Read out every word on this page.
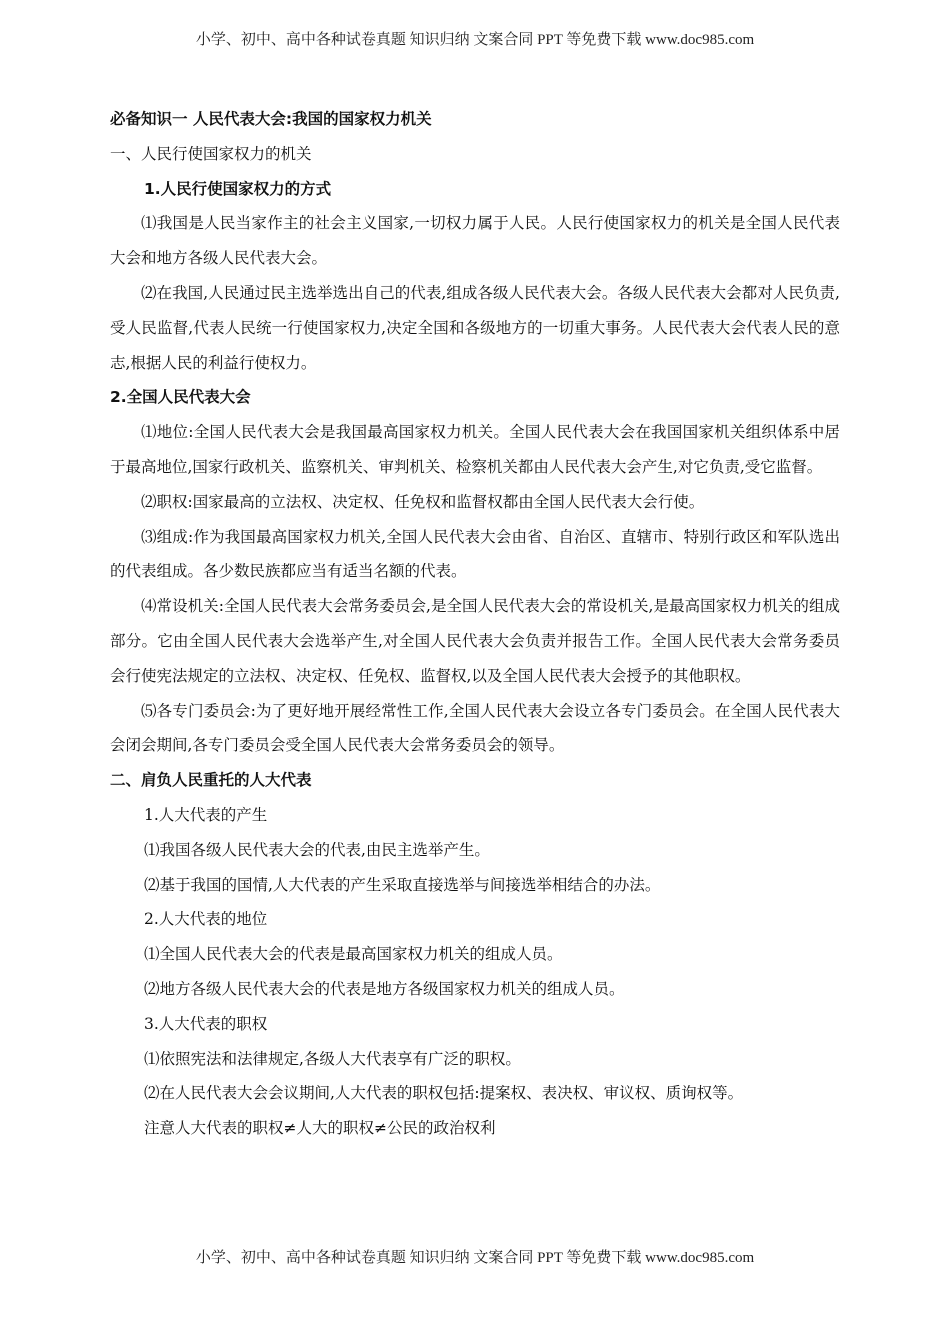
小学、初中、高中各种试卷真题 知识归纳 文案合同 PPT 等免费下载 www.doc985.com
必备知识一 人民代表大会:我国的国家权力机关
一、人民行使国家权力的机关
1.人民行使国家权力的方式
⑴我国是人民当家作主的社会主义国家,一切权力属于人民。人民行使国家权力的机关是全国人民代表大会和地方各级人民代表大会。
⑵在我国,人民通过民主选举选出自己的代表,组成各级人民代表大会。各级人民代表大会都对人民负责,受人民监督,代表人民统一行使国家权力,决定全国和各级地方的一切重大事务。人民代表大会代表人民的意志,根据人民的利益行使权力。
2.全国人民代表大会
⑴地位:全国人民代表大会是我国最高国家权力机关。全国人民代表大会在我国国家机关组织体系中居于最高地位,国家行政机关、监察机关、审判机关、检察机关都由人民代表大会产生,对它负责,受它监督。
⑵职权:国家最高的立法权、决定权、任免权和监督权都由全国人民代表大会行使。
⑶组成:作为我国最高国家权力机关,全国人民代表大会由省、自治区、直辖市、特别行政区和军队选出的代表组成。各少数民族都应当有适当名额的代表。
⑷常设机关:全国人民代表大会常务委员会,是全国人民代表大会的常设机关,是最高国家权力机关的组成部分。它由全国人民代表大会选举产生,对全国人民代表大会负责并报告工作。全国人民代表大会常务委员会行使宪法规定的立法权、决定权、任免权、监督权,以及全国人民代表大会授予的其他职权。
⑸各专门委员会:为了更好地开展经常性工作,全国人民代表大会设立各专门委员会。在全国人民代表大会闭会期间,各专门委员会受全国人民代表大会常务委员会的领导。
二、肩负人民重托的人大代表
1.人大代表的产生
⑴我国各级人民代表大会的代表,由民主选举产生。
⑵基于我国的国情,人大代表的产生采取直接选举与间接选举相结合的办法。
2.人大代表的地位
⑴全国人民代表大会的代表是最高国家权力机关的组成人员。
⑵地方各级人民代表大会的代表是地方各级国家权力机关的组成人员。
3.人大代表的职权
⑴依照宪法和法律规定,各级人大代表享有广泛的职权。
⑵在人民代表大会会议期间,人大代表的职权包括:提案权、表决权、审议权、质询权等。
注意人大代表的职权≠人大的职权≠公民的政治权利
小学、初中、高中各种试卷真题 知识归纳 文案合同 PPT 等免费下载 www.doc985.com
